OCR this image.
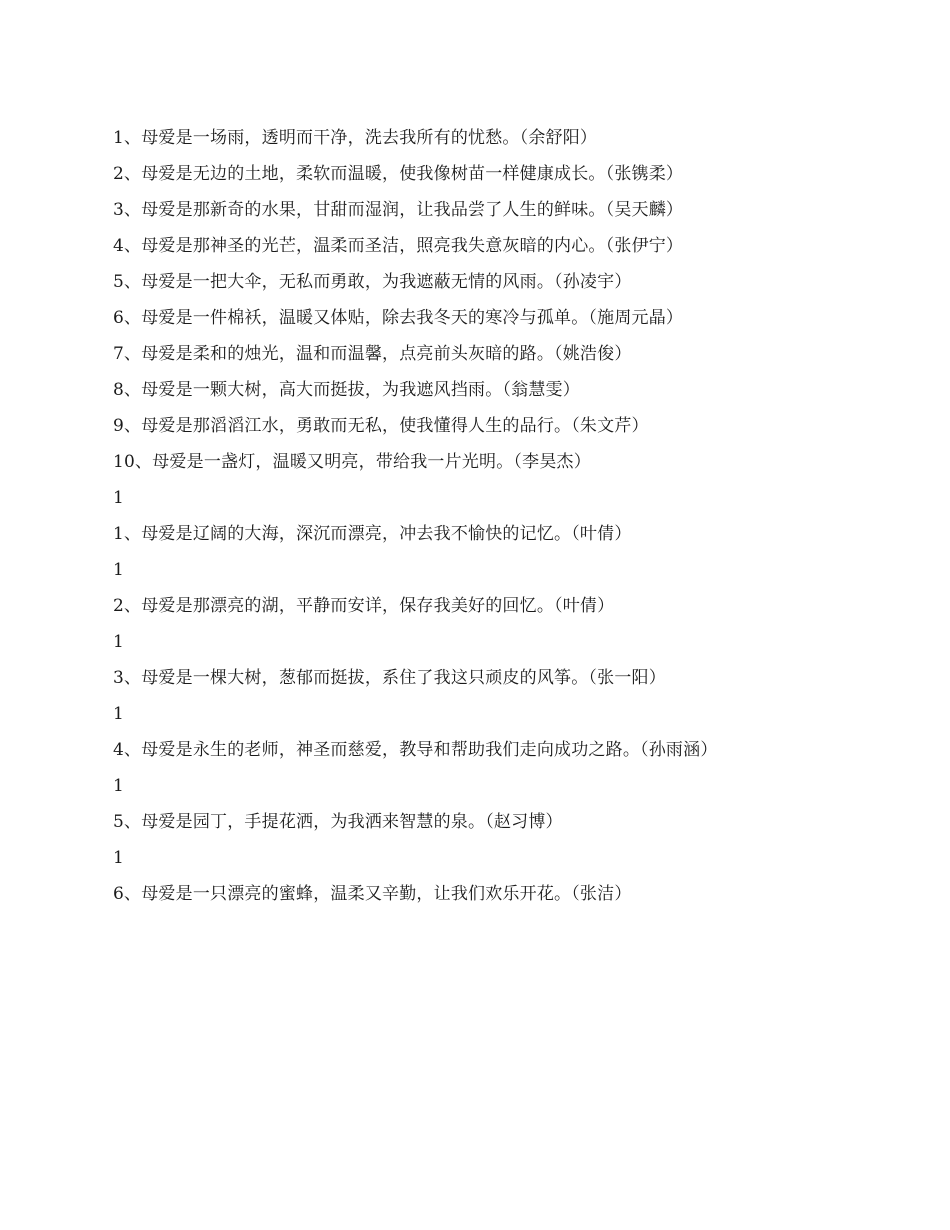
1、母爱是一场雨，透明而干净，洗去我所有的忧愁。（余舒阳）
2、母爱是无边的土地，柔软而温暖，使我像树苗一样健康成长。（张镌柔）
3、母爱是那新奇的水果，甘甜而湿润，让我品尝了人生的鲜味。（吴天麟）
4、母爱是那神圣的光芒，温柔而圣洁，照亮我失意灰暗的内心。（张伊宁）
5、母爱是一把大伞，无私而勇敢，为我遮蔽无情的风雨。（孙凌宇）
6、母爱是一件棉袄，温暖又体贴，除去我冬天的寒冷与孤单。（施周元晶）
7、母爱是柔和的烛光，温和而温馨，点亮前头灰暗的路。（姚浩俊）
8、母爱是一颗大树，高大而挺拔，为我遮风挡雨。（翁慧雯）
9、母爱是那滔滔江水，勇敢而无私，使我懂得人生的品行。（朱文芹）
10、母爱是一盏灯，温暖又明亮，带给我一片光明。（李昊杰）
1
1、母爱是辽阔的大海，深沉而漂亮，冲去我不愉快的记忆。（叶倩）
1
2、母爱是那漂亮的湖，平静而安详，保存我美好的回忆。（叶倩）
1
3、母爱是一棵大树，葱郁而挺拔，系住了我这只顽皮的风筝。（张一阳）
1
4、母爱是永生的老师，神圣而慈爱，教导和帮助我们走向成功之路。（孙雨涵）
1
5、母爱是园丁，手提花洒，为我洒来智慧的泉。（赵习博）
1
6、母爱是一只漂亮的蜜蜂，温柔又辛勤，让我们欢乐开花。（张洁）
